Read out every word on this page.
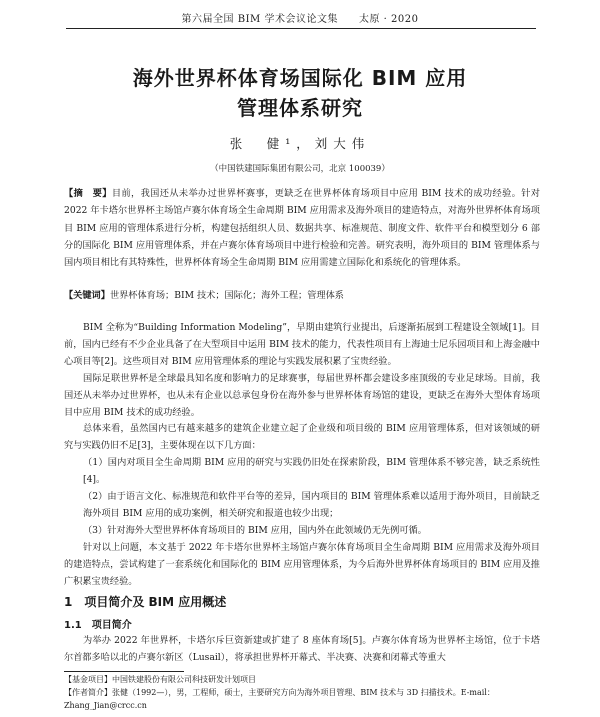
第六届全国 BIM 学术会议论文集　　太原 · 2020
海外世界杯体育场国际化 BIM 应用
管理体系研究
张　健¹，刘大伟
（中国铁建国际集团有限公司，北京 100039）
【摘　要】目前，我国还从未举办过世界杯赛事，更缺乏在世界杯体育场项目中应用 BIM 技术的成功经验。针对 2022 年卡塔尔世界杯主场馆卢赛尔体育场全生命周期 BIM 应用需求及海外项目的建造特点，对海外世界杯体育场项目 BIM 应用的管理体系进行分析，构建包括组织人员、数据共享、标准规范、制度文件、软件平台和模型划分 6 部分的国际化 BIM 应用管理体系，并在卢赛尔体育场项目中进行检验和完善。研究表明，海外项目的 BIM 管理体系与国内项目相比有其特殊性，世界杯体育场全生命周期 BIM 应用需建立国际化和系统化的管理体系。
【关键词】世界杯体育场；BIM 技术；国际化；海外工程；管理体系

BIM 全称为“Building Information Modeling”，早期由建筑行业提出，后逐渐拓展到工程建设全领域[1]。目前，国内已经有不少企业具备了在大型项目中运用 BIM 技术的能力，代表性项目有上海迪士尼乐园项目和上海金融中心项目等[2]。这些项目对 BIM 应用管理体系的理论与实践发展积累了宝贵经验。

国际足联世界杯是全球最具知名度和影响力的足球赛事，每届世界杯都会建设多座顶级的专业足球场。目前，我国还从未举办过世界杯，也从未有企业以总承包身份在海外参与世界杯体育场馆的建设，更缺乏在海外大型体育场项目中应用 BIM 技术的成功经验。

总体来看，虽然国内已有越来越多的建筑企业建立起了企业级和项目级的 BIM 应用管理体系，但对该领域的研究与实践仍旧不足[3]，主要体现在以下几方面：

（1）国内对项目全生命周期 BIM 应用的研究与实践仍旧处在探索阶段，BIM 管理体系不够完善，缺乏系统性[4]。

（2）由于语言文化、标准规范和软件平台等的差异，国内项目的 BIM 管理体系难以适用于海外项目，目前缺乏海外项目 BIM 应用的成功案例，相关研究和报道也较少出现；

（3）针对海外大型世界杯体育场项目的 BIM 应用，国内外在此领域仍无先例可循。

针对以上问题，本文基于 2022 年卡塔尔世界杯主场馆卢赛尔体育场项目全生命周期 BIM 应用需求及海外项目的建造特点，尝试构建了一套系统化和国际化的 BIM 应用管理体系，为今后海外世界杯体育场项目的 BIM 应用及推广积累宝贵经验。

1　项目简介及 BIM 应用概述
1.1　项目简介

为举办 2022 年世界杯，卡塔尔斥巨资新建或扩建了 8 座体育场[5]。卢赛尔体育场为世界杯主场馆，位于卡塔尔首都多哈以北的卢赛尔新区（Lusail），将承担世界杯开幕式、半决赛、决赛和闭幕式等重大

【基金项目】中国铁建股份有限公司科技研发计划项目
【作者简介】张健（1992—），男，工程师，硕士，主要研究方向为海外项目管理、BIM 技术与 3D 扫描技术。E-mail：Zhang_Jian@crcc.cn
